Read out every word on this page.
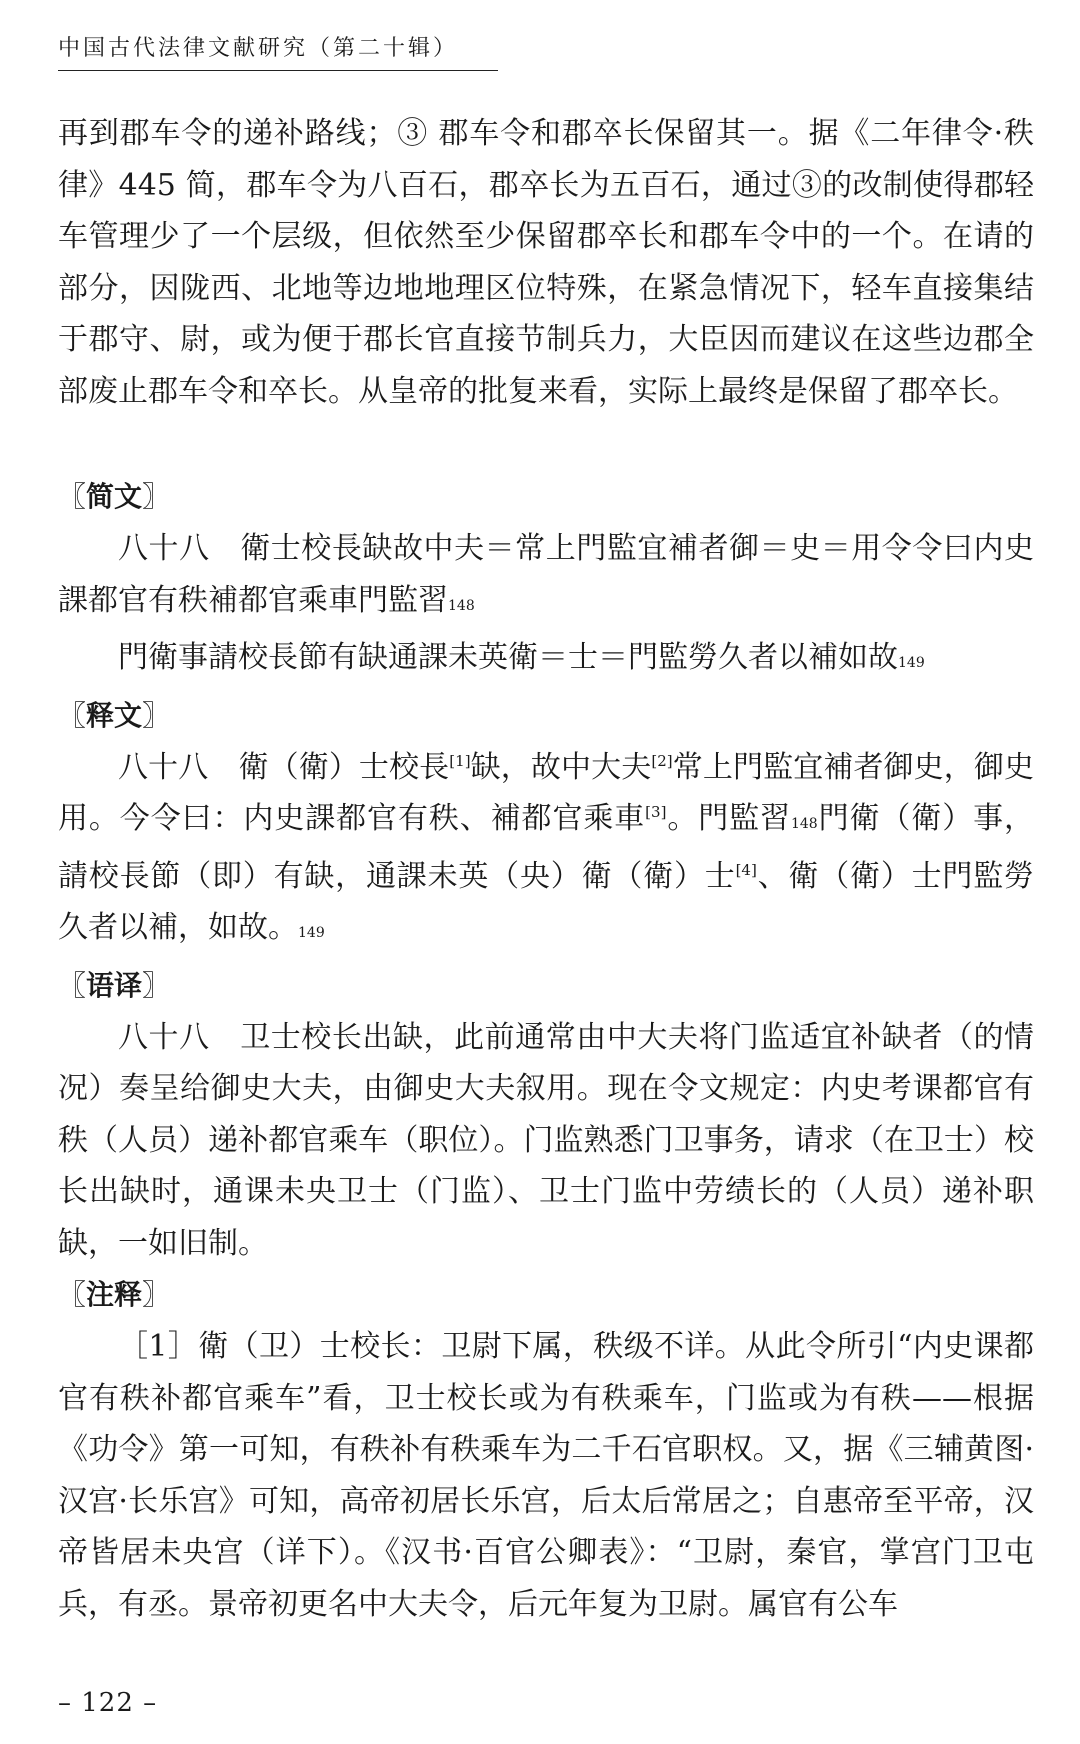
中国古代法律文献研究（第二十辑）

再到郡车令的递补路线；③ 郡车令和郡卒长保留其一。据《二年律令·秩律》445 简，郡车令为八百石，郡卒长为五百石，通过③的改制使得郡轻车管理少了一个层级，但依然至少保留郡卒长和郡车令中的一个。在请的部分，因陇西、北地等边地地理区位特殊，在紧急情况下，轻车直接集结于郡守、尉，或为便于郡长官直接节制兵力，大臣因而建议在这些边郡全部废止郡车令和卒长。从皇帝的批复来看，实际上最终是保留了郡卒长。

〖简文〗

八十八　衛士校長缺故中夫＝常上門監宜補者御＝史＝用令令曰内史課都官有秩補都官乘車門監習148

門衛事請校長節有缺通課未英衛＝士＝門監勞久者以補如故149

〖释文〗

八十八　衛（衛）士校長[1]缺，故中大夫[2]常上門監宜補者御史，御史用。今令曰：内史課都官有秩、補都官乘車[3]。門監習148門衛（衛）事，請校長節（即）有缺，通課未英（央）衛（衛）士[4]、衛（衛）士門監勞久者以補，如故。149

〖语译〗

八十八　卫士校长出缺，此前通常由中大夫将门监适宜补缺者（的情况）奏呈给御史大夫，由御史大夫叙用。现在令文规定：内史考课都官有秩（人员）递补都官乘车（职位）。门监熟悉门卫事务，请求（在卫士）校长出缺时，通课未央卫士（门监）、卫士门监中劳绩长的（人员）递补职缺，一如旧制。

〖注释〗

［1］衛（卫）士校长：卫尉下属，秩级不详。从此令所引“内史课都官有秩补都官乘车”看，卫士校长或为有秩乘车，门监或为有秩——根据《功令》第一可知，有秩补有秩乘车为二千石官职权。又，据《三辅黄图·汉宫·长乐宫》可知，高帝初居长乐宫，后太后常居之；自惠帝至平帝，汉帝皆居未央宫（详下）。《汉书·百官公卿表》：“卫尉，秦官，掌宫门卫屯兵，有丞。景帝初更名中大夫令，后元年复为卫尉。属官有公车

– 122 –
